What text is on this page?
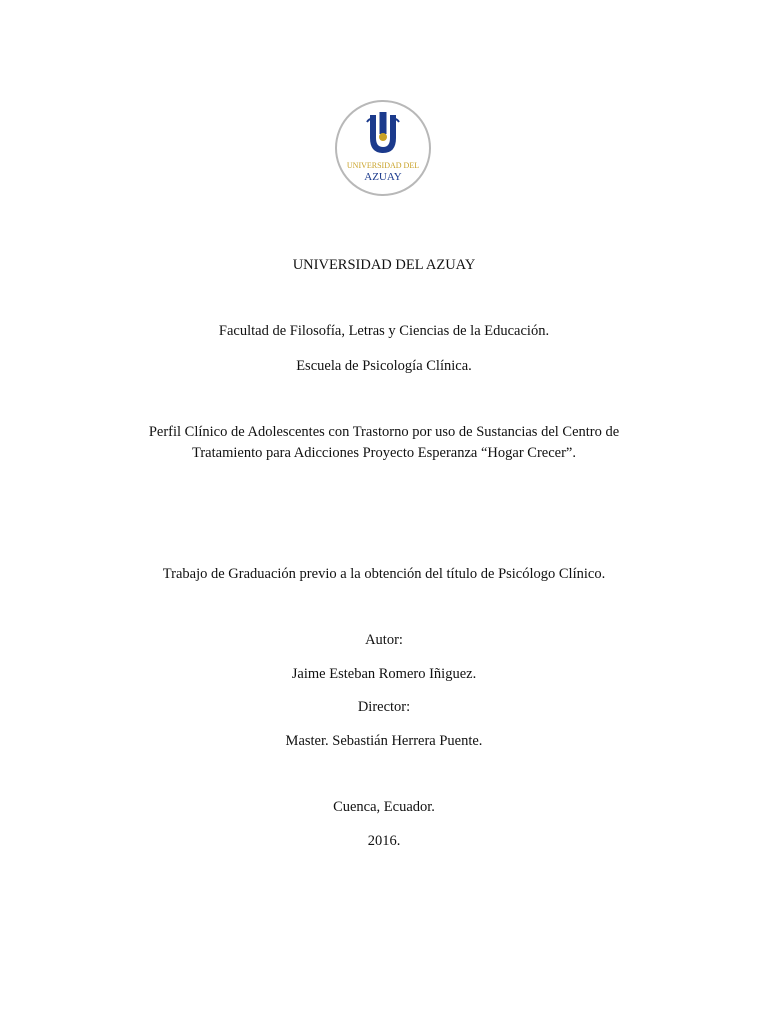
UNIVERSIDAD DEL
AZUAY
UNIVERSIDAD DEL AZUAY
Facultad de Filosofía, Letras y Ciencias de la Educación.
Escuela de Psicología Clínica.
Perfil Clínico de Adolescentes con Trastorno por uso de Sustancias del Centro de
Tratamiento para Adicciones Proyecto Esperanza “Hogar Crecer”.
Trabajo de Graduación previo a la obtención del título de Psicólogo Clínico.
Autor:
Jaime Esteban Romero Iñiguez.
Director:
Master. Sebastián Herrera Puente.
Cuenca, Ecuador.
2016.
